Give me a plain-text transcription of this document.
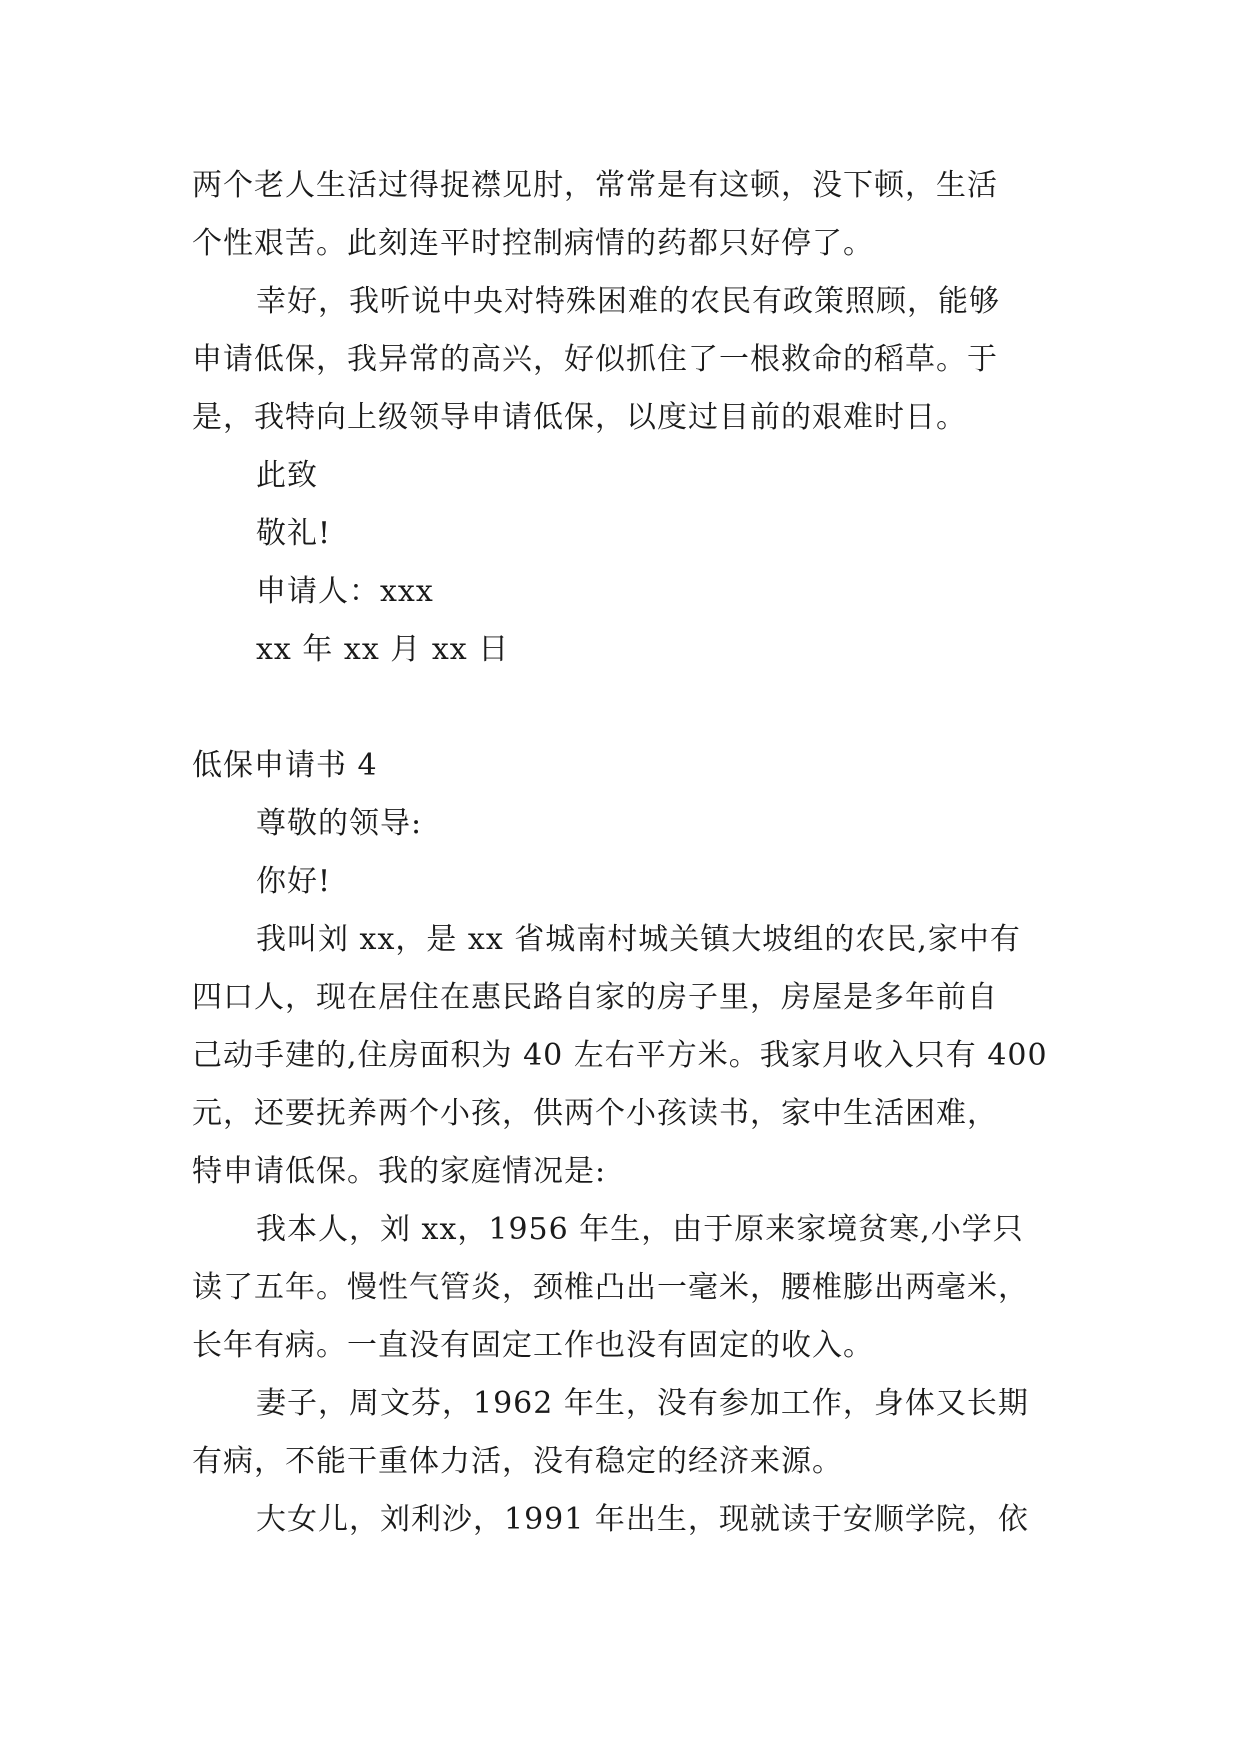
两个老人生活过得捉襟见肘，常常是有这顿，没下顿，生活
个性艰苦。此刻连平时控制病情的药都只好停了。
幸好，我听说中央对特殊困难的农民有政策照顾，能够
申请低保，我异常的高兴，好似抓住了一根救命的稻草。于
是，我特向上级领导申请低保，以度过目前的艰难时日。
此致
敬礼!
申请人：xxx
xx 年 xx 月 xx 日
低保申请书 4
尊敬的领导:
你好!
我叫刘 xx，是 xx 省城南村城关镇大坡组的农民,家中有
四口人，现在居住在惠民路自家的房子里，房屋是多年前自
己动手建的,住房面积为 40 左右平方米。我家月收入只有 400
元，还要抚养两个小孩，供两个小孩读书，家中生活困难，
特申请低保。我的家庭情况是:
我本人，刘 xx，1956 年生，由于原来家境贫寒,小学只
读了五年。慢性气管炎，颈椎凸出一毫米，腰椎膨出两毫米，
长年有病。一直没有固定工作也没有固定的收入。
妻子，周文芬，1962 年生，没有参加工作，身体又长期
有病，不能干重体力活，没有稳定的经济来源。
大女儿，刘利沙，1991 年出生，现就读于安顺学院，依
